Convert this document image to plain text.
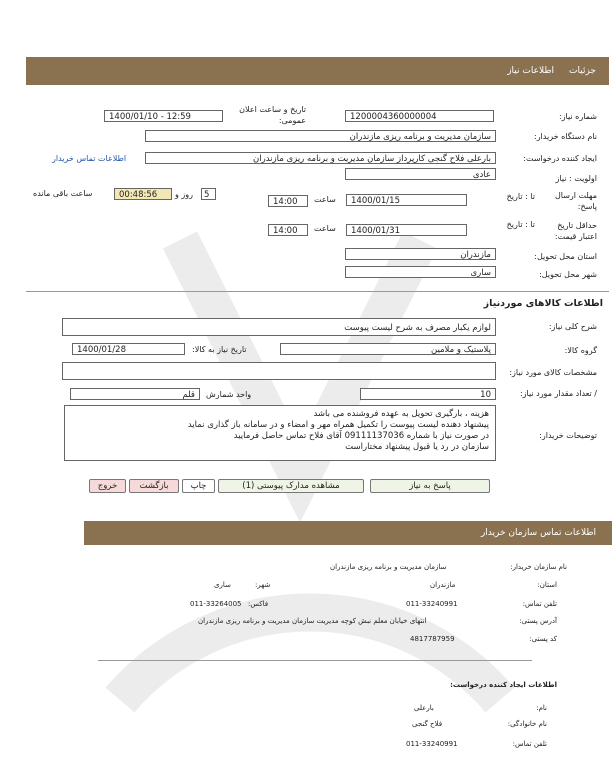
جزئیات
اطلاعات نیاز
شماره نیاز:
1200004360000004
تاریخ و ساعت اعلان عمومی:
1400/01/10 - 12:59
نام دستگاه خریدار:
سازمان مدیریت و برنامه ریزی مازندران
ایجاد کننده درخواست:
بارعلی فلاح گنجی کارپرداز سازمان مدیریت و برنامه ریزی مازندران
اطلاعات تماس خریدار
اولویت : نیاز
عادی
مهلت ارسال پاسخ:
تا : تاریخ
1400/01/15
ساعت
14:00
5
روز و
00:48:56
ساعت باقی مانده
حداقل تاریخ اعتبار قیمت:
تا : تاریخ
1400/01/31
ساعت
14:00
استان محل تحویل:
مازندران
شهر محل تحویل:
ساری
اطلاعات کالاهای موردنیاز
شرح کلی نیاز:
لوازم یکبار مصرف به شرح لیست پیوست
گروه کالا:
پلاستیک و ملامین
تاریخ نیاز به کالا:
1400/01/28
مشخصات کالای مورد نیاز:
/ تعداد مقدار مورد نیاز:
10
واحد شمارش
قلم
توضیحات خریدار:
هزینه ، بارگیری تحویل به عهده فروشنده می باشد
پیشنهاد دهنده لیست پیوست را تکمیل همراه مهر و امضاء و در سامانه باز گذاری نماید
در صورت نیاز با شماره 09111137036 آقای فلاح تماس حاصل فرمایید
سازمان در رد یا قبول پیشنهاد مختاراست
پاسخ به نیاز
مشاهده مدارک پیوستی (1)
چاپ
بازگشت
خروج
اطلاعات تماس سازمان خریدار
نام سازمان خریدار:
سازمان مدیریت و برنامه ریزی مازندران
استان:
مازندران
شهر:
ساری
تلفن تماس:
011-33240991
فاکس:
011-33264005
آدرس پستی:
انتهای خیابان معلم نبش کوچه مدیریت سازمان مدیریت و برنامه ریزی مازندران
کد پستی:
4817787959
اطلاعات ایجاد کننده درخواست:
نام:
بارعلی
نام خانوادگی:
فلاح گنجی
تلفن تماس:
011-33240991
